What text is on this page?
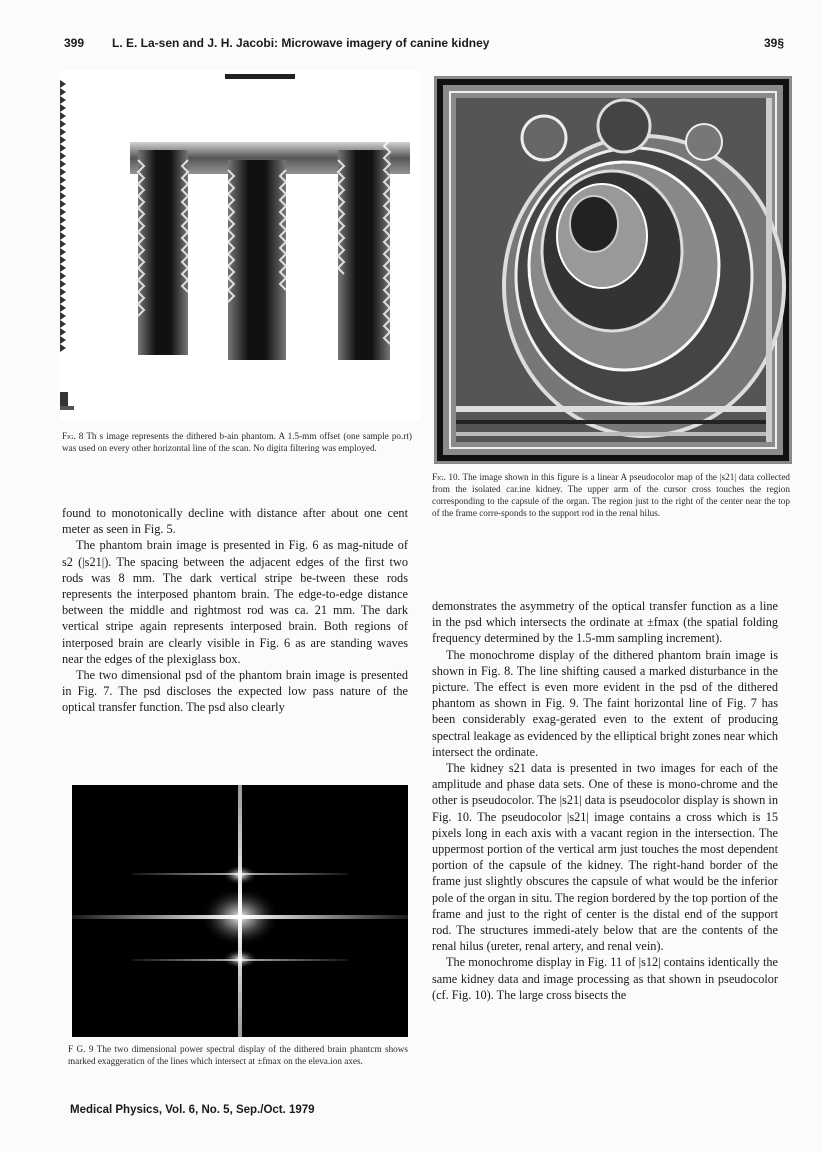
399 L. E. La-sen and J. H. Jacobi: Microwave imagery of canine kidney	39§
Fig. 8 Th s image represents the dithered b-ain phantom. A 1.5-mm offset (one sample po.rt) was used on every other horizontal line of the scan. No digita filtering was employed.
Fig. 10. The image shown in this figure is a linear A pseudocolor map of the |s21| data collected from the isolated car.ine kidney. The upper arm of the cursor cross touches the region corresponding to the capsule of the organ. The region just to the right of the center near the top of the frame corre-sponds to the support rod in the renal hilus.
F G. 9 The two dimensional power spectral display of the dithered brain phantcm shows marked exaggeraticn of the lines which intersect at ±fmax on the eleva.ion axes.

found to monotonically decline with distance after about one cent meter as seen in Fig. 5.

The phantom brain image is presented in Fig. 6 as mag-nitude of s2 (|s21|). The spacing between the adjacent edges of the first two rods was 8 mm. The dark vertical stripe be-tween these rods represents the interposed phantom brain. The edge-to-edge distance between the middle and rightmost rod was ca. 21 mm. The dark vertical stripe again represents interposed brain. Both regions of interposed brain are clearly visible in Fig. 6 as are standing waves near the edges of the plexiglass box.

The two dimensional psd of the phantom brain image is presented in Fig. 7. The psd discloses the expected low pass nature of the optical transfer function. The psd also clearly

demonstrates the asymmetry of the optical transfer function as a line in the psd which intersects the ordinate at ±fmax (the spatial folding frequency determined by the 1.5-mm sampling increment).

The monochrome display of the dithered phantom brain image is shown in Fig. 8. The line shifting caused a marked disturbance in the picture. The effect is even more evident in the psd of the dithered phantom as shown in Fig. 9. The faint horizontal line of Fig. 7 has been considerably exag-gerated even to the extent of producing spectral leakage as evidenced by the elliptical bright zones near which intersect the ordinate.

The kidney s21 data is presented in two images for each of the amplitude and phase data sets. One of these is mono-chrome and the other is pseudocolor. The |s21| data is pseudocolor display is shown in Fig. 10. The pseudocolor |s21| image contains a cross which is 15 pixels long in each axis with a vacant region in the intersection. The uppermost portion of the vertical arm just touches the most dependent portion of the capsule of the kidney. The right-hand border of the frame just slightly obscures the capsule of what would be the inferior pole of the organ in situ. The region bordered by the top portion of the frame and just to the right of center is the distal end of the support rod. The structures immedi-ately below that are the contents of the renal hilus (ureter, renal artery, and renal vein).

The monochrome display in Fig. 11 of |s12| contains identically the same kidney data and image processing as that shown in pseudocolor (cf. Fig. 10). The large cross bisects the

Medical Physics, Vol. 6, No. 5, Sep./Oct. 1979
